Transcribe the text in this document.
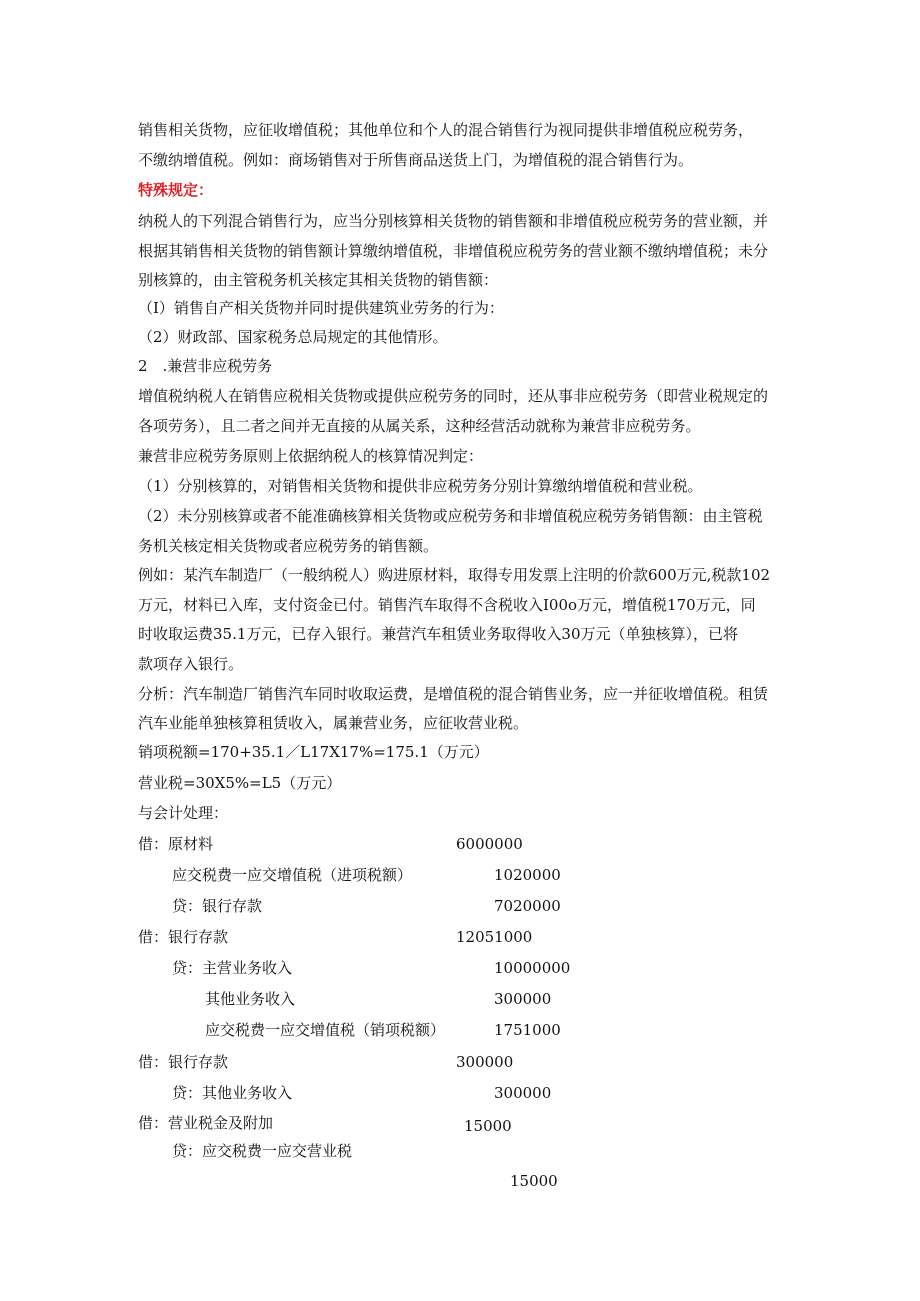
销售相关货物，应征收增值税；其他单位和个人的混合销售行为视同提供非增值税应税劳务，
不缴纳增值税。例如：商场销售对于所售商品送货上门，为增值税的混合销售行为。
特殊规定：
纳税人的下列混合销售行为，应当分别核算相关货物的销售额和非增值税应税劳务的营业额，并
根据其销售相关货物的销售额计算缴纳增值税，非增值税应税劳务的营业额不缴纳增值税；未分
别核算的，由主管税务机关核定其相关货物的销售额：
（I）销售自产相关货物并同时提供建筑业劳务的行为：
（2）财政部、国家税务总局规定的其他情形。
2　.兼营非应税劳务
增值税纳税人在销售应税相关货物或提供应税劳务的同时，还从事非应税劳务（即营业税规定的
各项劳务），且二者之间并无直接的从属关系，这种经营活动就称为兼营非应税劳务。
兼营非应税劳务原则上依据纳税人的核算情况判定：
（1）分别核算的，对销售相关货物和提供非应税劳务分别计算缴纳增值税和营业税。
（2）未分别核算或者不能准确核算相关货物或应税劳务和非增值税应税劳务销售额：由主管税
务机关核定相关货物或者应税劳务的销售额。
例如：某汽车制造厂（一般纳税人）购进原材料，取得专用发票上注明的价款600万元,税款102
万元，材料已入库，支付资金已付。销售汽车取得不含税收入I00o万元，增值税170万元，同
时收取运费35.1万元，已存入银行。兼营汽车租赁业务取得收入30万元（单独核算），已将
款项存入银行。
分析：汽车制造厂销售汽车同时收取运费，是增值税的混合销售业务，应一并征收增值税。租赁
汽车业能单独核算租赁收入，属兼营业务，应征收营业税。
销项税额=170+35.1／L17X17%=175.1（万元）
营业税=30X5%=L5（万元）
与会计处理：
借：原材料	6000000
应交税费一应交增值税（进项税额）	1020000
贷：银行存款	7020000
借：银行存款	12051000
贷：主营业务收入	10000000
其他业务收入	300000
应交税费一应交增值税（销项税额）	1751000
借：银行存款	300000
贷：其他业务收入	300000
借：营业税金及附加	15000
贷：应交税费一应交营业税
15000
